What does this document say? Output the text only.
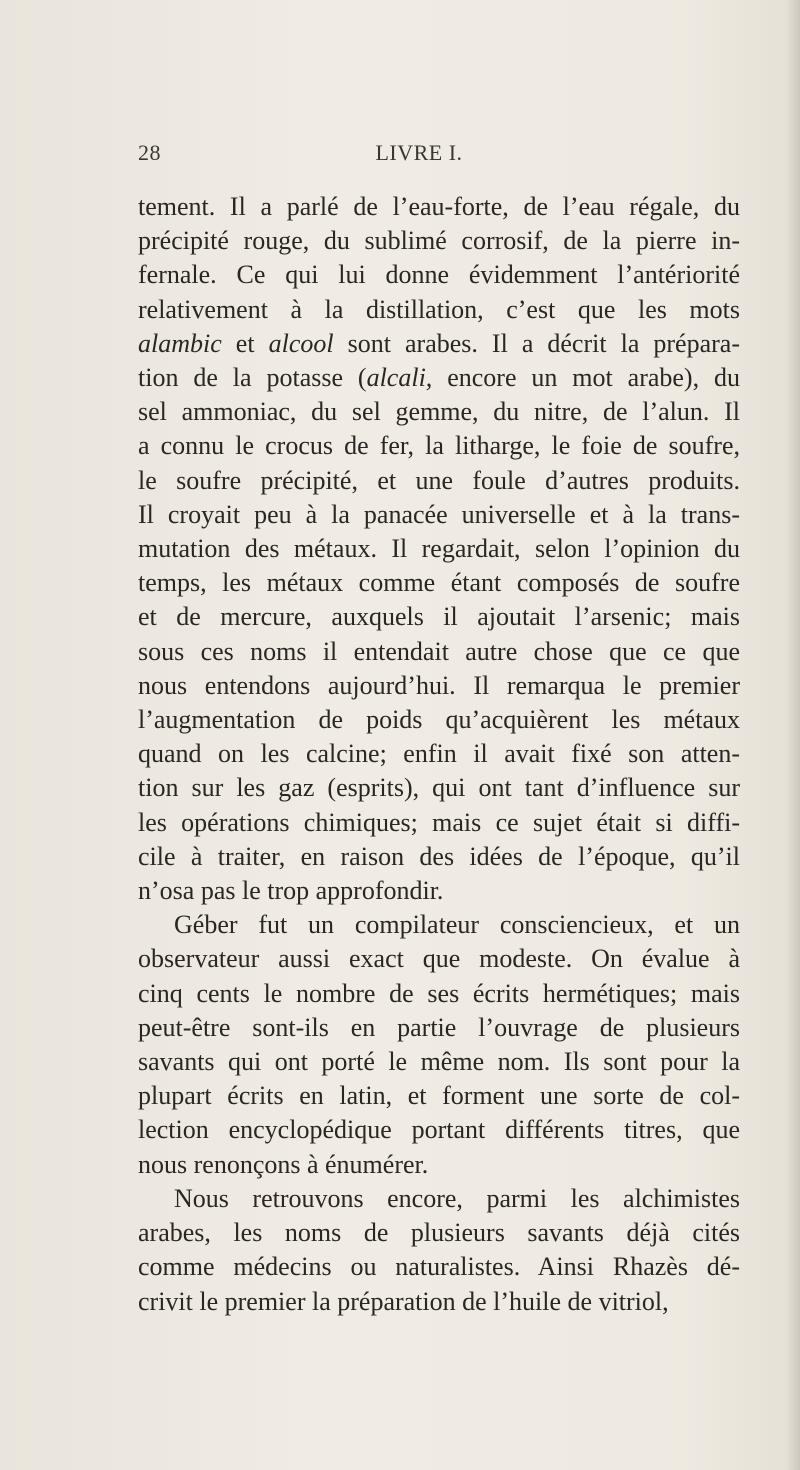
28	LIVRE I.
tement. Il a parlé de l’eau-forte, de l’eau régale, du
précipité rouge, du sublimé corrosif, de la pierre in-
fernale. Ce qui lui donne évidemment l’antériorité
relativement à la distillation, c’est que les mots
alambic et alcool sont arabes. Il a décrit la prépara-
tion de la potasse (alcali, encore un mot arabe), du
sel ammoniac, du sel gemme, du nitre, de l’alun. Il
a connu le crocus de fer, la litharge, le foie de soufre,
le soufre précipité, et une foule d’autres produits.
Il croyait peu à la panacée universelle et à la trans-
mutation des métaux. Il regardait, selon l’opinion du
temps, les métaux comme étant composés de soufre
et de mercure, auxquels il ajoutait l’arsenic; mais
sous ces noms il entendait autre chose que ce que
nous entendons aujourd’hui. Il remarqua le premier
l’augmentation de poids qu’acquièrent les métaux
quand on les calcine; enfin il avait fixé son atten-
tion sur les gaz (esprits), qui ont tant d’influence sur
les opérations chimiques; mais ce sujet était si diffi-
cile à traiter, en raison des idées de l’époque, qu’il
n’osa pas le trop approfondir.
Géber fut un compilateur consciencieux, et un
observateur aussi exact que modeste. On évalue à
cinq cents le nombre de ses écrits hermétiques; mais
peut-être sont-ils en partie l’ouvrage de plusieurs
savants qui ont porté le même nom. Ils sont pour la
plupart écrits en latin, et forment une sorte de col-
lection encyclopédique portant différents titres, que
nous renonçons à énumérer.
Nous retrouvons encore, parmi les alchimistes
arabes, les noms de plusieurs savants déjà cités
comme médecins ou naturalistes. Ainsi Rhazès dé-
crivit le premier la préparation de l’huile de vitriol,
